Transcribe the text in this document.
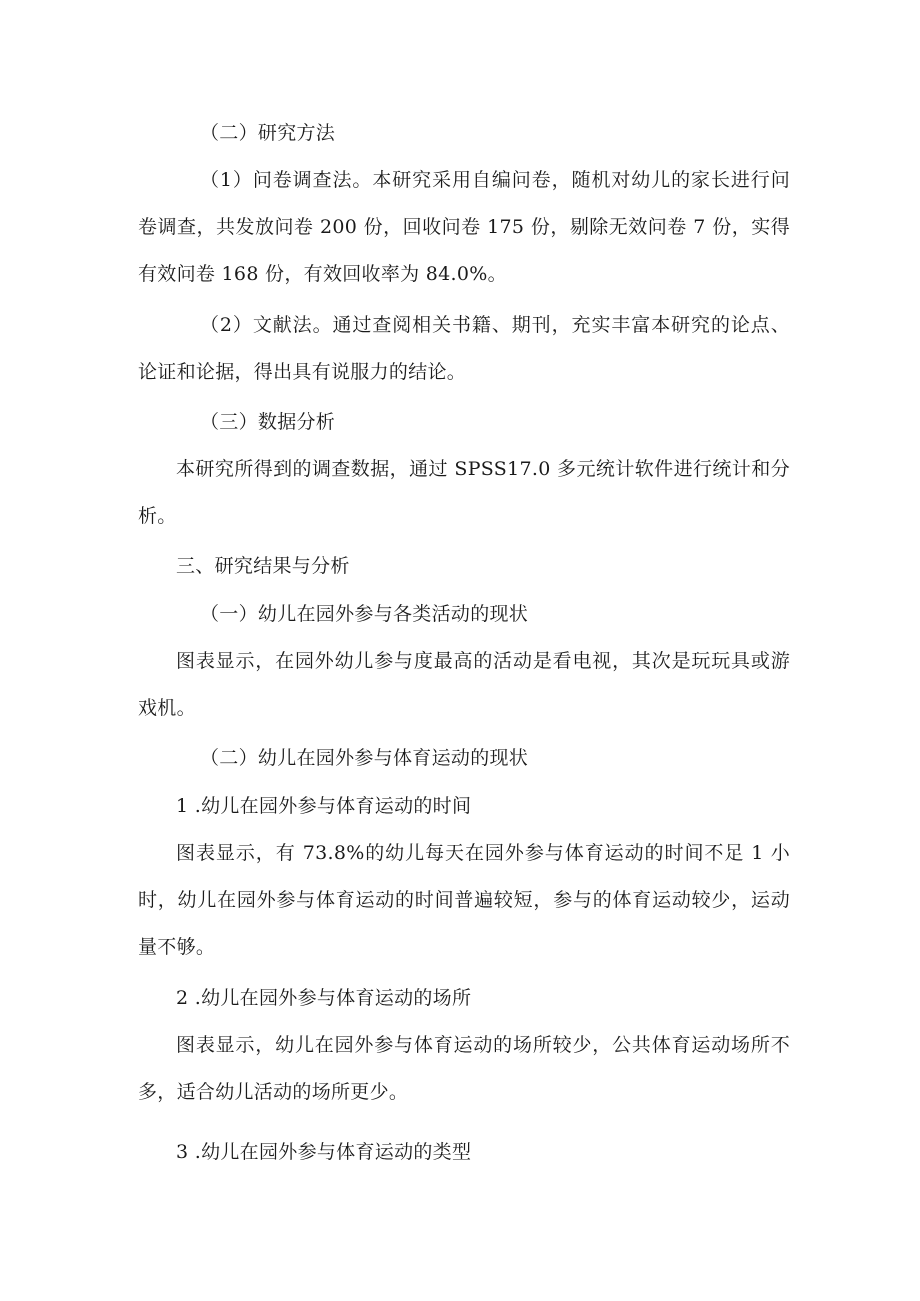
（二）研究方法

（1）问卷调查法。本研究采用自编问卷，随机对幼儿的家长进行问卷调查，共发放问卷 200 份，回收问卷 175 份，剔除无效问卷 7 份，实得有效问卷 168 份，有效回收率为 84.0%。

（2）文献法。通过查阅相关书籍、期刊，充实丰富本研究的论点、论证和论据，得出具有说服力的结论。

（三）数据分析

本研究所得到的调查数据，通过 SPSS17.0 多元统计软件进行统计和分析。

三、研究结果与分析

（一）幼儿在园外参与各类活动的现状

图表显示，在园外幼儿参与度最高的活动是看电视，其次是玩玩具或游戏机。

（二）幼儿在园外参与体育运动的现状

1 .幼儿在园外参与体育运动的时间

图表显示，有 73.8%的幼儿每天在园外参与体育运动的时间不足 1 小时，幼儿在园外参与体育运动的时间普遍较短，参与的体育运动较少，运动量不够。

2 .幼儿在园外参与体育运动的场所

图表显示，幼儿在园外参与体育运动的场所较少，公共体育运动场所不多，适合幼儿活动的场所更少。

3 .幼儿在园外参与体育运动的类型
